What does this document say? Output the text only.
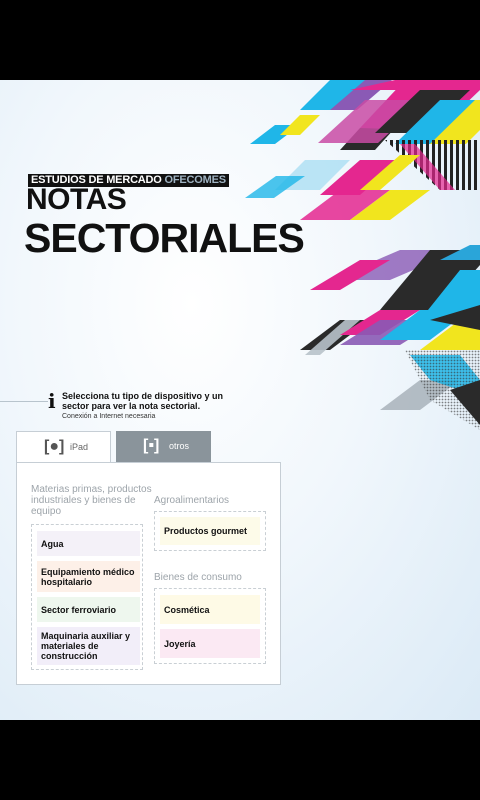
ESTUDIOS DE MERCADO OFECOMES
NOTAS
SECTORIALES
i Selecciona tu tipo de dispositivo y un sector para ver la nota sectorial.
Conexión a Internet necesaria
[●] iPad	[▪] otros
Materias primas, productos industriales y bienes de equipo
Agua
Equipamiento médico hospitalario
Sector ferroviario
Maquinaria auxiliar y materiales de construcción
Agroalimentarios
Productos gourmet
Bienes de consumo
Cosmética
Joyería
